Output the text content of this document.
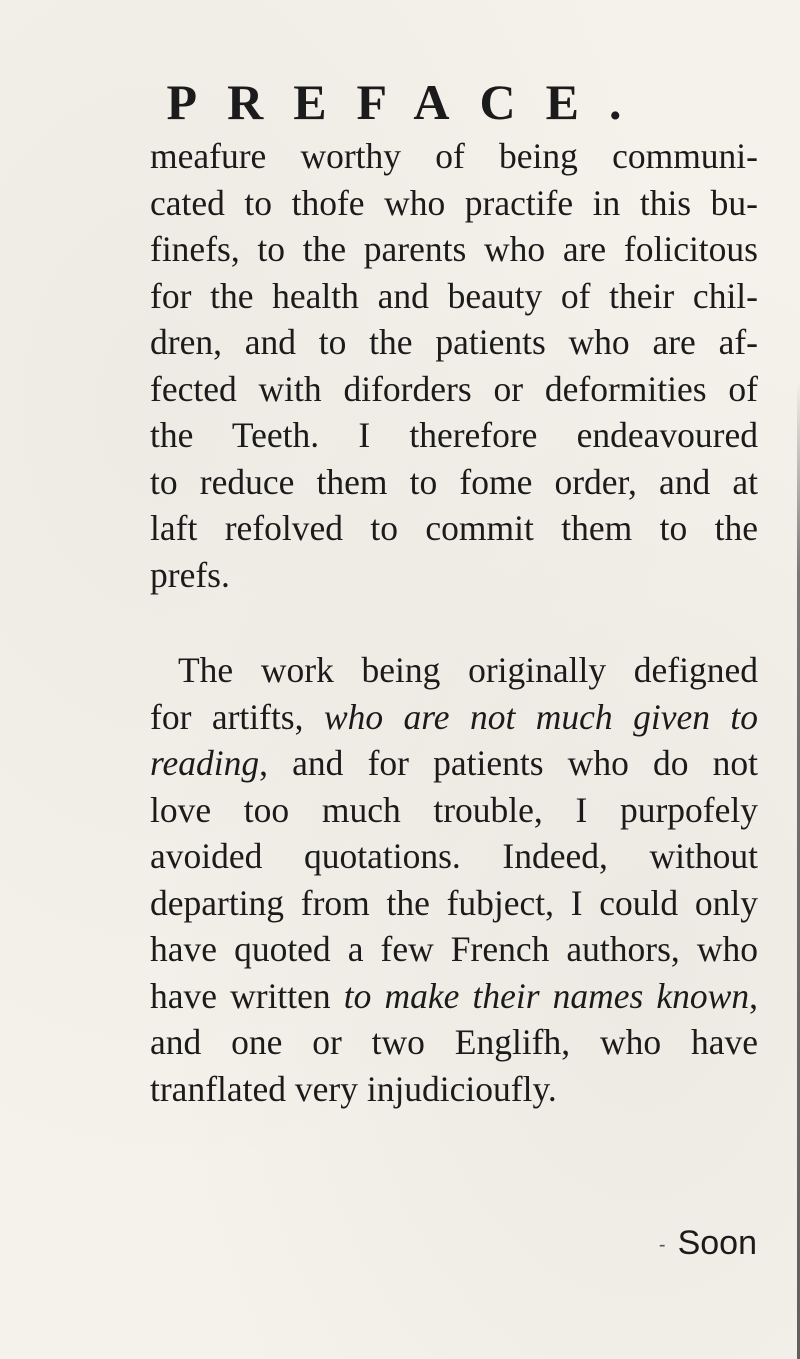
PREFACE.
meafure worthy of being communi-
cated to thofe who practife in this bu-
finefs, to the parents who are folicitous
for the health and beauty of their chil-
dren, and to the patients who are af-
fected with diforders or deformities of
the Teeth. I therefore endeavoured
to reduce them to fome order, and at
laft refolved to commit them to the
prefs.
The work being originally defigned
for artifts, who are not much given to
reading, and for patients who do not
love too much trouble, I purpofely
avoided quotations. Indeed, without
departing from the fubject, I could only
have quoted a few French authors, who
have written to make their names known,
and one or two Englifh, who have
tranflated very injudicioufly.
- Soon
